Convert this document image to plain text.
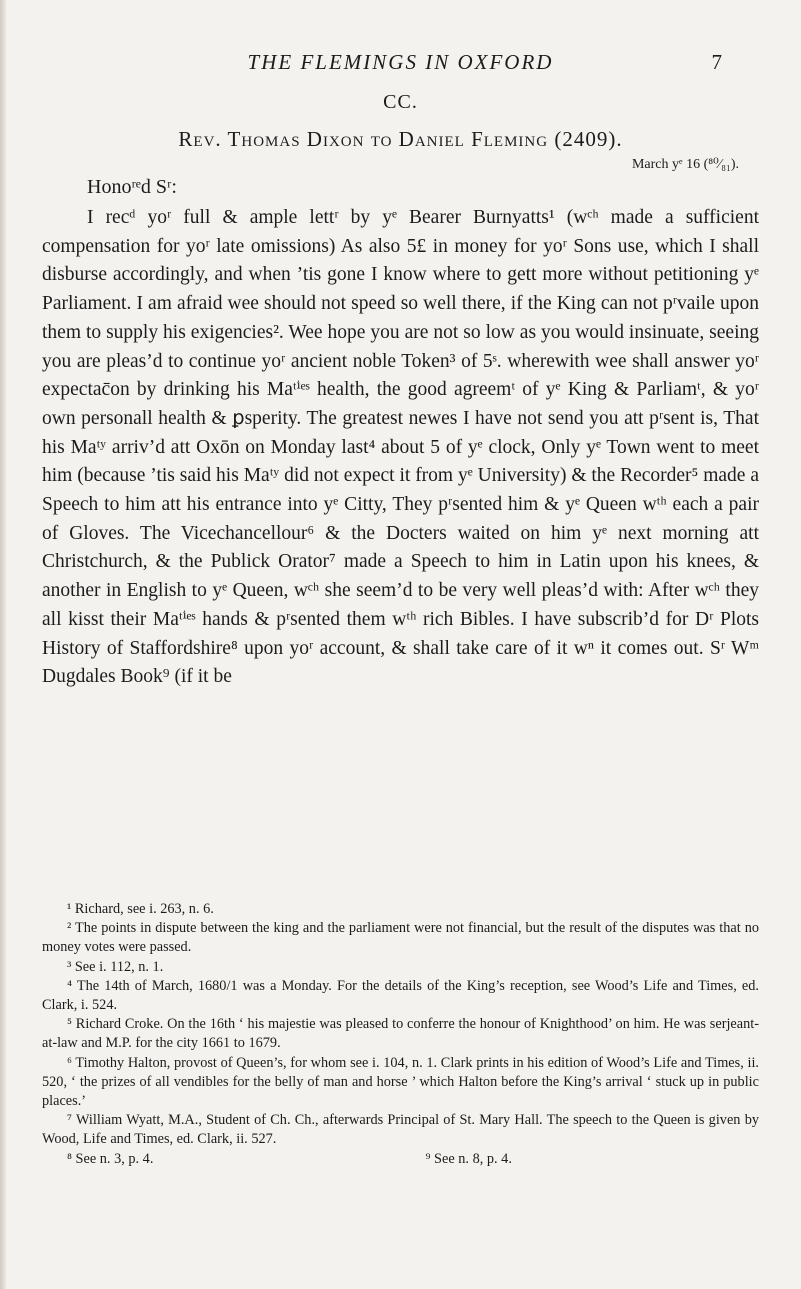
THE FLEMINGS IN OXFORD	7
CC.
Rev. Thomas Dixon to Daniel Fleming (2409).
March yᵉ 16 (⁸⁰⁄₈₁).
Honoʳᵉd Sʳ:

I recᵈ yoʳ full & ample lettʳ by yᵉ Bearer Burnyatts¹ (wᶜʰ made a sufficient compensation for yoʳ late omissions) As also 5£ in money for yoʳ Sons use, which I shall disburse accordingly, and when ’tis gone I know where to gett more without petitioning yᵉ Parliament. I am afraid wee should not speed so well there, if the King can not pʳvaile upon them to supply his exigencies². Wee hope you are not so low as you would insinuate, seeing you are pleas’d to continue yoʳ ancient noble Token³ of 5ˢ. wherewith wee shall answer yoʳ expectac̄on by drinking his Maᵗⁱᵉˢ health, the good agreemᵗ of yᵉ King & Parliamᵗ, & yoʳ own personall health & ꝑsperity. The greatest newes I have not send you att pʳsent is, That his Maᵗʸ arriv’d att Oxōn on Monday last⁴ about 5 of yᵉ clock, Only yᵉ Town went to meet him (because ’tis said his Maᵗʸ did not expect it from yᵉ University) & the Recorder⁵ made a Speech to him att his entrance into yᵉ Citty, They pʳsented him & yᵉ Queen wᵗʰ each a pair of Gloves. The Vicechancellour⁶ & the Docters waited on him yᵉ next morning att Christchurch, & the Publick Orator⁷ made a Speech to him in Latin upon his knees, & another in English to yᵉ Queen, wᶜʰ she seem’d to be very well pleas’d with: After wᶜʰ they all kisst their Maᵗⁱᵉˢ hands & pʳsented them wᵗʰ rich Bibles. I have subscrib’d for Dʳ Plots History of Staffordshire⁸ upon yoʳ account, & shall take care of it wⁿ it comes out. Sʳ Wᵐ Dugdales Book⁹ (if it be

¹ Richard, see i. 263, n. 6.

² The points in dispute between the king and the parliament were not financial, but the result of the disputes was that no money votes were passed.

³ See i. 112, n. 1.

⁴ The 14th of March, 1680/1 was a Monday. For the details of the King’s reception, see Wood’s Life and Times, ed. Clark, i. 524.

⁵ Richard Croke. On the 16th ‘ his majestie was pleased to conferre the honour of Knighthood’ on him. He was serjeant-at-law and M.P. for the city 1661 to 1679.

⁶ Timothy Halton, provost of Queen’s, for whom see i. 104, n. 1. Clark prints in his edition of Wood’s Life and Times, ii. 520, ‘ the prizes of all vendibles for the belly of man and horse ’ which Halton before the King’s arrival ‘ stuck up in public places.’

⁷ William Wyatt, M.A., Student of Ch. Ch., afterwards Principal of St. Mary Hall. The speech to the Queen is given by Wood, Life and Times, ed. Clark, ii. 527.

⁸ See n. 3, p. 4.	⁹ See n. 8, p. 4.
